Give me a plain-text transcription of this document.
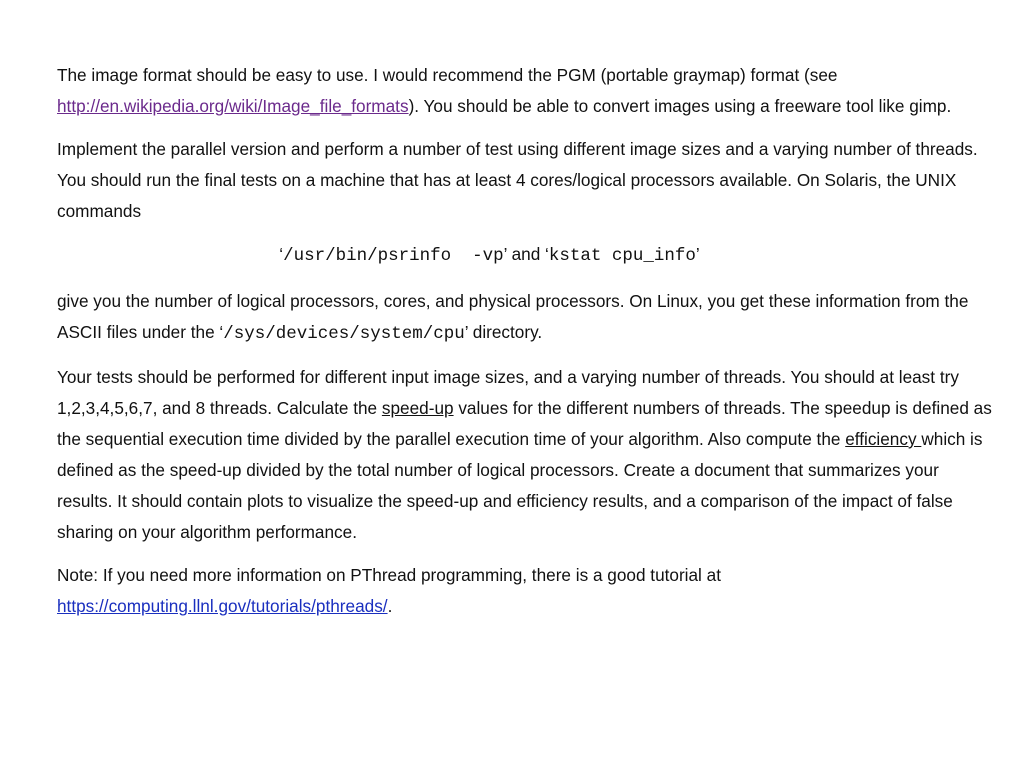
The image format should be easy to use. I would recommend the PGM (portable graymap) format (see http://en.wikipedia.org/wiki/Image_file_formats). You should be able to convert images using a freeware tool like gimp.

Implement the parallel version and perform a number of test using different image sizes and a varying number of threads. You should run the final tests on a machine that has at least 4 cores/logical processors available. On Solaris, the UNIX commands

‘/usr/bin/psrinfo  -vp’ and ‘kstat cpu_info’

give you the number of logical processors, cores, and physical processors. On Linux, you get these information from the ASCII files under the ‘/sys/devices/system/cpu’ directory.

Your tests should be performed for different input image sizes, and a varying number of threads. You should at least try 1,2,3,4,5,6,7, and 8 threads. Calculate the speed-up values for the different numbers of threads. The speedup is defined as the sequential execution time divided by the parallel execution time of your algorithm. Also compute the efficiency which is defined as the speed-up divided by the total number of logical processors. Create a document that summarizes your results. It should contain plots to visualize the speed-up and efficiency results, and a comparison of the impact of false sharing on your algorithm performance.

Note: If you need more information on PThread programming, there is a good tutorial at https://computing.llnl.gov/tutorials/pthreads/.
